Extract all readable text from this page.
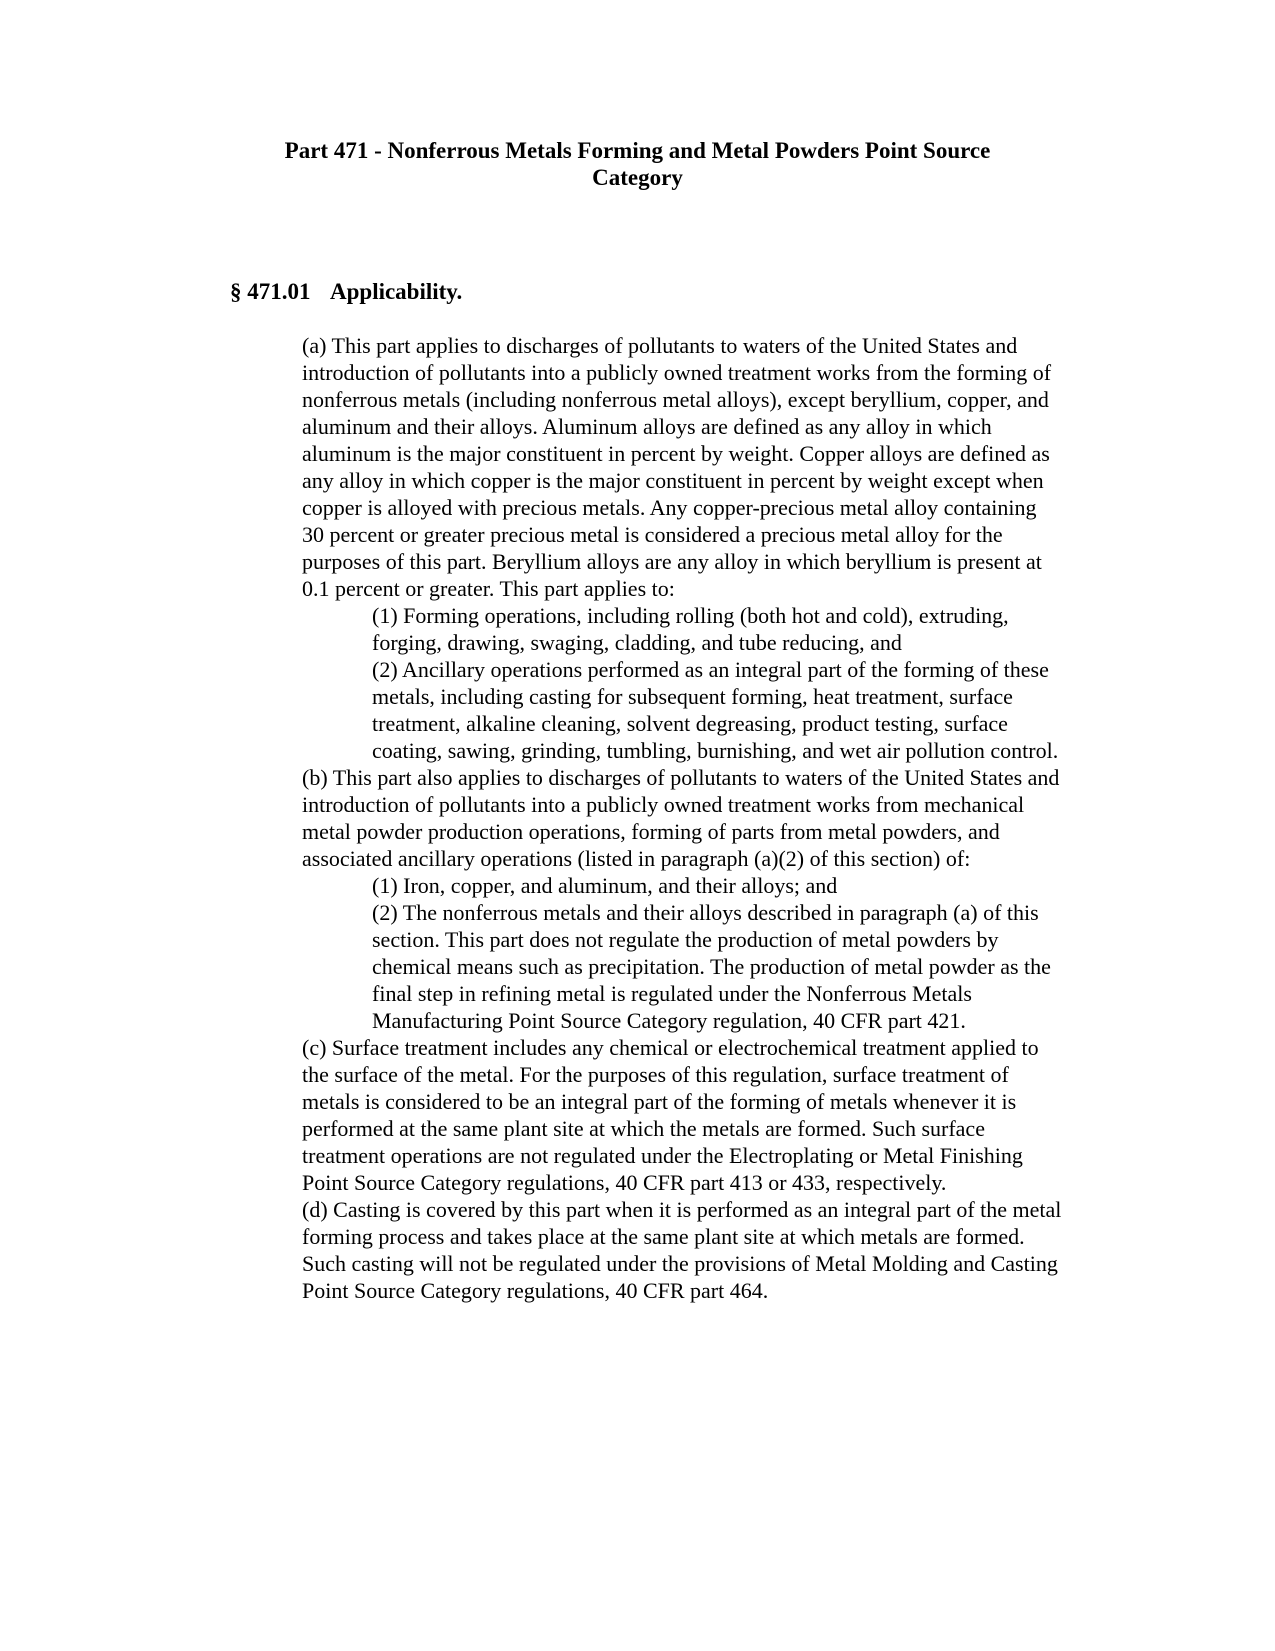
Part 471 - Nonferrous Metals Forming and Metal Powders Point Source
Category
§ 471.01 Applicability.

(a) This part applies to discharges of pollutants to waters of the United States and introduction of pollutants into a publicly owned treatment works from the forming of nonferrous metals (including nonferrous metal alloys), except beryllium, copper, and aluminum and their alloys. Aluminum alloys are defined as any alloy in which aluminum is the major constituent in percent by weight. Copper alloys are defined as any alloy in which copper is the major constituent in percent by weight except when copper is alloyed with precious metals. Any copper-precious metal alloy containing 30 percent or greater precious metal is considered a precious metal alloy for the purposes of this part. Beryllium alloys are any alloy in which beryllium is present at 0.1 percent or greater. This part applies to:

(1) Forming operations, including rolling (both hot and cold), extruding, forging, drawing, swaging, cladding, and tube reducing, and

(2) Ancillary operations performed as an integral part of the forming of these metals, including casting for subsequent forming, heat treatment, surface treatment, alkaline cleaning, solvent degreasing, product testing, surface coating, sawing, grinding, tumbling, burnishing, and wet air pollution control.

(b) This part also applies to discharges of pollutants to waters of the United States and introduction of pollutants into a publicly owned treatment works from mechanical metal powder production operations, forming of parts from metal powders, and associated ancillary operations (listed in paragraph (a)(2) of this section) of:

(1) Iron, copper, and aluminum, and their alloys; and

(2) The nonferrous metals and their alloys described in paragraph (a) of this section. This part does not regulate the production of metal powders by chemical means such as precipitation. The production of metal powder as the final step in refining metal is regulated under the Nonferrous Metals Manufacturing Point Source Category regulation, 40 CFR part 421.

(c) Surface treatment includes any chemical or electrochemical treatment applied to the surface of the metal. For the purposes of this regulation, surface treatment of metals is considered to be an integral part of the forming of metals whenever it is performed at the same plant site at which the metals are formed. Such surface treatment operations are not regulated under the Electroplating or Metal Finishing Point Source Category regulations, 40 CFR part 413 or 433, respectively.

(d) Casting is covered by this part when it is performed as an integral part of the metal forming process and takes place at the same plant site at which metals are formed. Such casting will not be regulated under the provisions of Metal Molding and Casting Point Source Category regulations, 40 CFR part 464.
